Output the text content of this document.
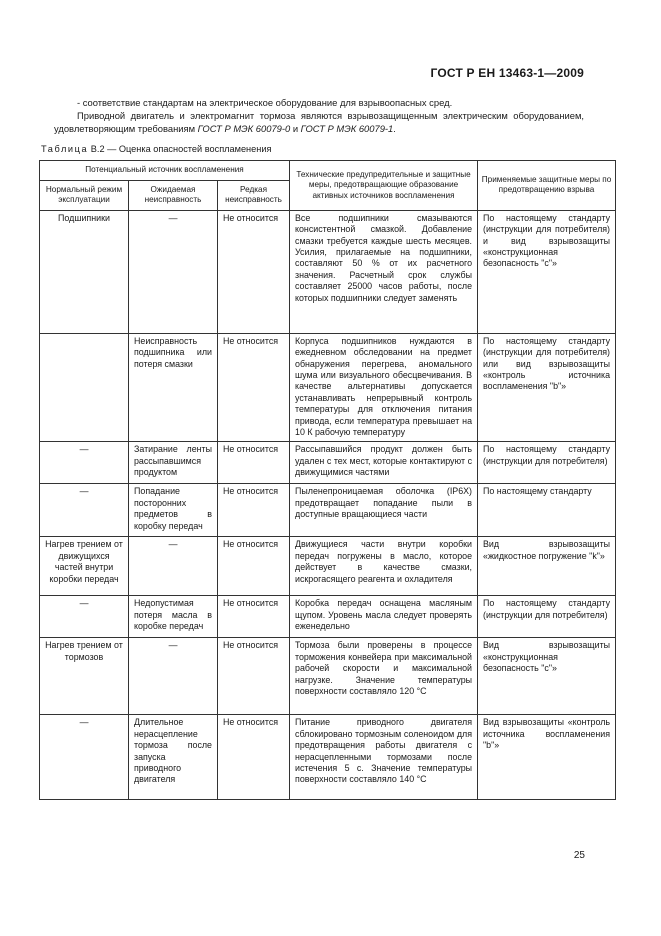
ГОСТ Р ЕН 13463-1—2009
- соответствие стандартам на электрическое оборудование для взрывоопасных сред.
Приводной двигатель и электромагнит тормоза являются взрывозащищенным электрическим оборудованием, удовлетворяющим требованиям ГОСТ Р МЭК 60079-0 и ГОСТ Р МЭК 60079-1.
Таблица В.2 — Оценка опасностей воспламенения
Потенциальный источник воспламенения			Технические предупредительные и защитные меры, предотвращающие образование активных источников воспламенения	Применяемые защитные меры по предотвращению взрыва
Нормальный режим эксплуатации	Ожидаемая неисправность	Редкая неисправность		
Подшипники	—	Не относится	Все подшипники смазываются консистентной смазкой. Добавление смазки требуется каждые шесть месяцев. Усилия, прилагаемые на подшипники, составляют 50 % от их расчетного значения. Расчетный срок службы составляет 25000 часов работы, после которых подшипники следует заменять	По настоящему стандарту (инструкции для потребителя) и вид взрывозащиты «конструкционная безопасность "с"»
	Неисправность подшипника или потеря смазки	Не относится	Корпуса подшипников нуждаются в ежедневном обследовании на предмет обнаружения перегрева, аномального шума или визуального обесцвечивания. В качестве альтернативы допускается устанавливать непрерывный контроль температуры для отключения питания привода, если температура превышает на 10 К рабочую температуру	По настоящему стандарту (инструкции для потребителя) или вид взрывозащиты «контроль источника воспламенения "b"»
—	Затирание ленты рассыпавшимся продуктом	Не относится	Рассыпавшийся продукт должен быть удален с тех мест, которые контактируют с движущимися частями	По настоящему стандарту (инструкции для потребителя)
—	Попадание посторонних предметов в коробку передач	Не относится	Пыленепроницаемая оболочка (IP6X) предотвращает попадание пыли в доступные вращающиеся части	По настоящему стандарту
Нагрев трением от движущихся частей внутри коробки передач	—	Не относится	Движущиеся части внутри коробки передач погружены в масло, которое действует в качестве смазки, искрогасящего реагента и охладителя	Вид взрывозащиты «жидкостное погружение "k"»
—	Недопустимая потеря масла в коробке передач	Не относится	Коробка передач оснащена масляным щупом. Уровень масла следует проверять еженедельно	По настоящему стандарту (инструкции для потребителя)
Нагрев трением от тормозов	—	Не относится	Тормоза были проверены в процессе торможения конвейера при максимальной рабочей скорости и максимальной нагрузке. Значение температуры поверхности составляло 120 °С	Вид взрывозащиты «конструкционная безопасность "с"»
—	Длительное нерасцепление тормоза после запуска приводного двигателя	Не относится	Питание приводного двигателя сблокировано тормозным соленоидом для предотвращения работы двигателя с нерасцепленными тормозами после истечения 5 с. Значение температуры поверхности составляло 140 °С	Вид взрывозащиты «контроль источника воспламенения "b"»
25
